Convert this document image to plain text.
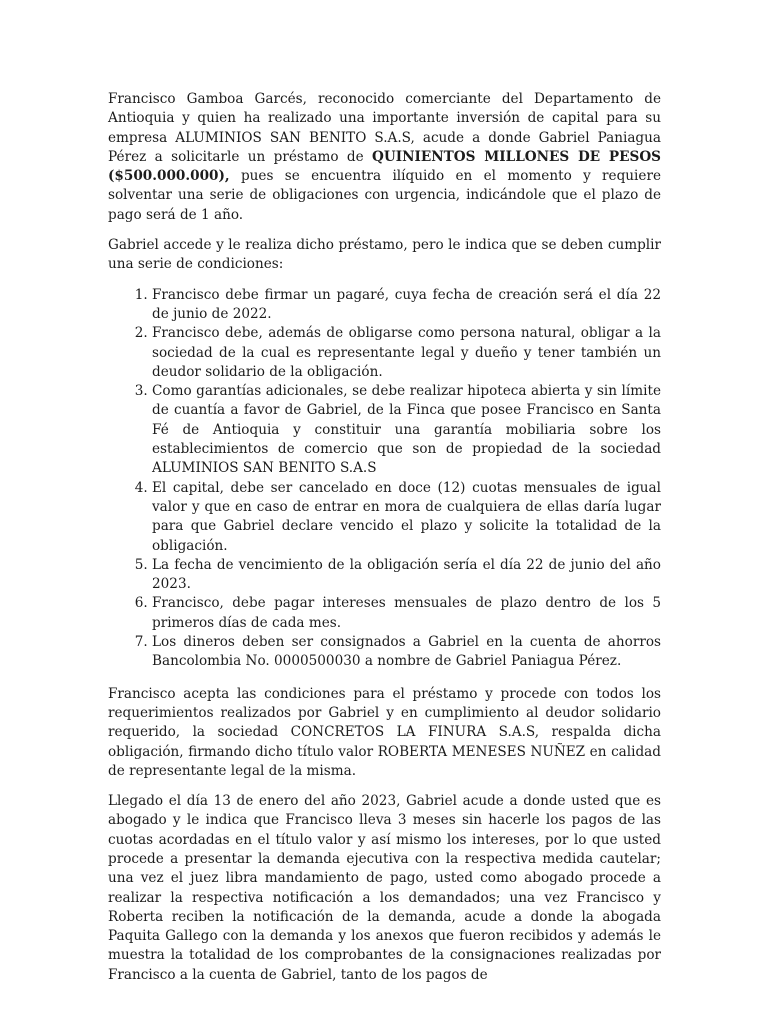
Francisco Gamboa Garcés, reconocido comerciante del Departamento de Antioquia y quien ha realizado una importante inversión de capital para su empresa ALUMINIOS SAN BENITO S.A.S, acude a donde Gabriel Paniagua Pérez a solicitarle un préstamo de QUINIENTOS MILLONES DE PESOS ($500.000.000), pues se encuentra ilíquido en el momento y requiere solventar una serie de obligaciones con urgencia, indicándole que el plazo de pago será de 1 año.

Gabriel accede y le realiza dicho préstamo, pero le indica que se deben cumplir una serie de condiciones:

1. Francisco debe firmar un pagaré, cuya fecha de creación será el día 22 de junio de 2022.
2. Francisco debe, además de obligarse como persona natural, obligar a la sociedad de la cual es representante legal y dueño y tener también un deudor solidario de la obligación.
3. Como garantías adicionales, se debe realizar hipoteca abierta y sin límite de cuantía a favor de Gabriel, de la Finca que posee Francisco en Santa Fé de Antioquia y constituir una garantía mobiliaria sobre los establecimientos de comercio que son de propiedad de la sociedad ALUMINIOS SAN BENITO S.A.S
4. El capital, debe ser cancelado en doce (12) cuotas mensuales de igual valor y que en caso de entrar en mora de cualquiera de ellas daría lugar para que Gabriel declare vencido el plazo y solicite la totalidad de la obligación.
5. La fecha de vencimiento de la obligación sería el día 22 de junio del año 2023.
6. Francisco, debe pagar intereses mensuales de plazo dentro de los 5 primeros días de cada mes.
7. Los dineros deben ser consignados a Gabriel en la cuenta de ahorros Bancolombia No. 0000500030 a nombre de Gabriel Paniagua Pérez.

Francisco acepta las condiciones para el préstamo y procede con todos los requerimientos realizados por Gabriel y en cumplimiento al deudor solidario requerido, la sociedad CONCRETOS LA FINURA S.A.S, respalda dicha obligación, firmando dicho título valor ROBERTA MENESES NUÑEZ en calidad de representante legal de la misma.

Llegado el día 13 de enero del año 2023, Gabriel acude a donde usted que es abogado y le indica que Francisco lleva 3 meses sin hacerle los pagos de las cuotas acordadas en el título valor y así mismo los intereses, por lo que usted procede a presentar la demanda ejecutiva con la respectiva medida cautelar; una vez el juez libra mandamiento de pago, usted como abogado procede a realizar la respectiva notificación a los demandados; una vez Francisco y Roberta reciben la notificación de la demanda, acude a donde la abogada Paquita Gallego con la demanda y los anexos que fueron recibidos y además le muestra la totalidad de los comprobantes de la consignaciones realizadas por Francisco a la cuenta de Gabriel, tanto de los pagos de
